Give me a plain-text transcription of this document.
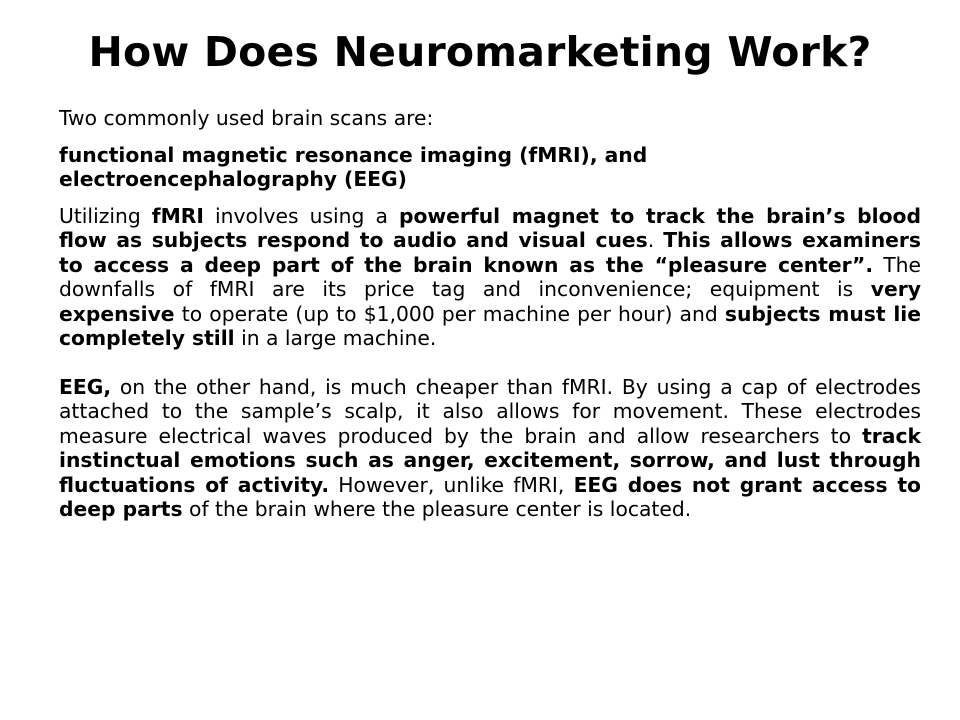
How Does Neuromarketing Work?

Two commonly used brain scans are:

functional magnetic resonance imaging (fMRI), and
electroencephalography (EEG)

Utilizing fMRI involves using a powerful magnet to track the brain’s blood flow as subjects respond to audio and visual cues. This allows examiners to access a deep part of the brain known as the “pleasure center”. The downfalls of fMRI are its price tag and inconvenience; equipment is very expensive to operate (up to $1,000 per machine per hour) and subjects must lie completely still in a large machine.

EEG, on the other hand, is much cheaper than fMRI. By using a cap of electrodes attached to the sample’s scalp, it also allows for movement. These electrodes measure electrical waves produced by the brain and allow researchers to track instinctual emotions such as anger, excitement, sorrow, and lust through fluctuations of activity. However, unlike fMRI, EEG does not grant access to deep parts of the brain where the pleasure center is located.
